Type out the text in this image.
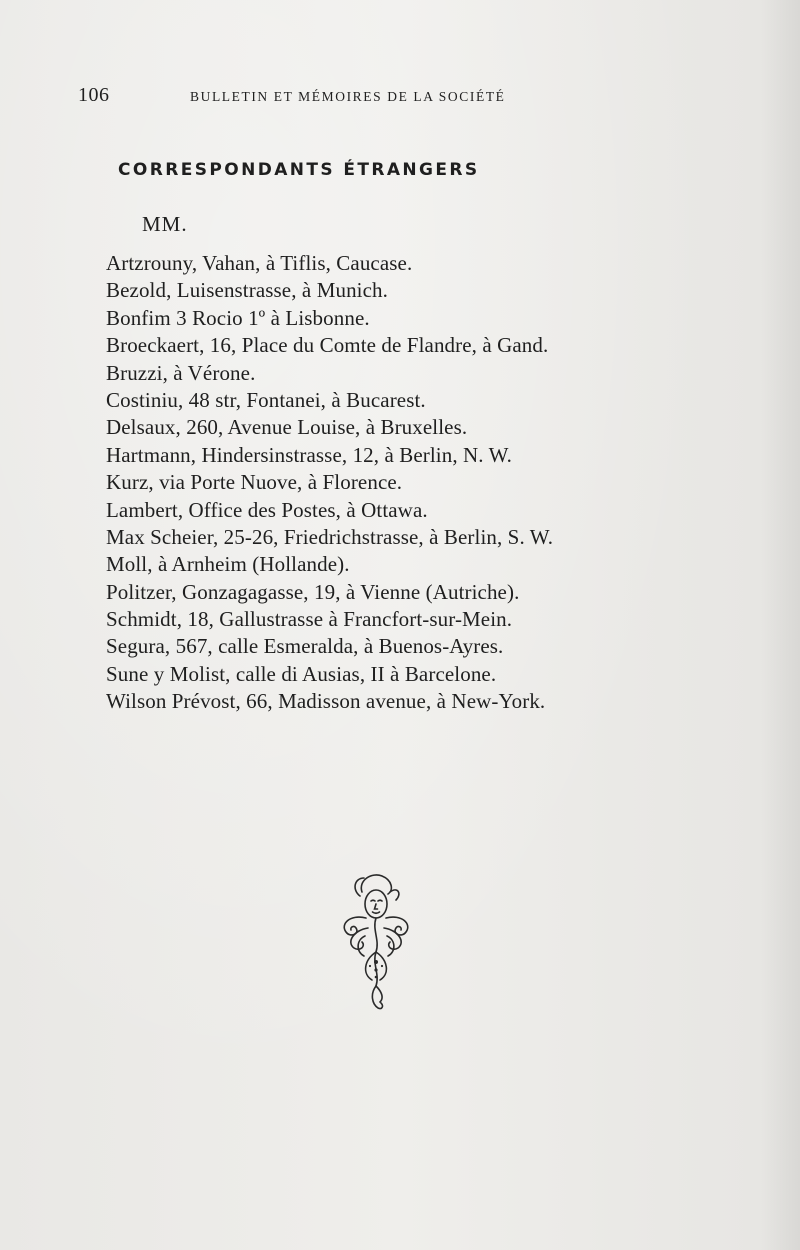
106	BULLETIN ET MÉMOIRES DE LA SOCIÉTÉ
CORRESPONDANTS ÉTRANGERS
MM.
Artzrouny, Vahan, à Tiflis, Caucase.
Bezold, Luisenstrasse, à Munich.
Bonfim 3 Rocio 1º à Lisbonne.
Broeckaert, 16, Place du Comte de Flandre, à Gand.
Bruzzi, à Vérone.
Costiniu, 48 str, Fontanei, à Bucarest.
Delsaux, 260, Avenue Louise, à Bruxelles.
Hartmann, Hindersinstrasse, 12, à Berlin, N. W.
Kurz, via Porte Nuove, à Florence.
Lambert, Office des Postes, à Ottawa.
Max Scheier, 25-26, Friedrichstrasse, à Berlin, S. W.
Moll, à Arnheim (Hollande).
Politzer, Gonzagagasse, 19, à Vienne (Autriche).
Schmidt, 18, Gallustrasse à Francfort-sur-Mein.
Segura, 567, calle Esmeralda, à Buenos-Ayres.
Sune y Molist, calle di Ausias, II à Barcelone.
Wilson Prévost, 66, Madisson avenue, à New-York.
